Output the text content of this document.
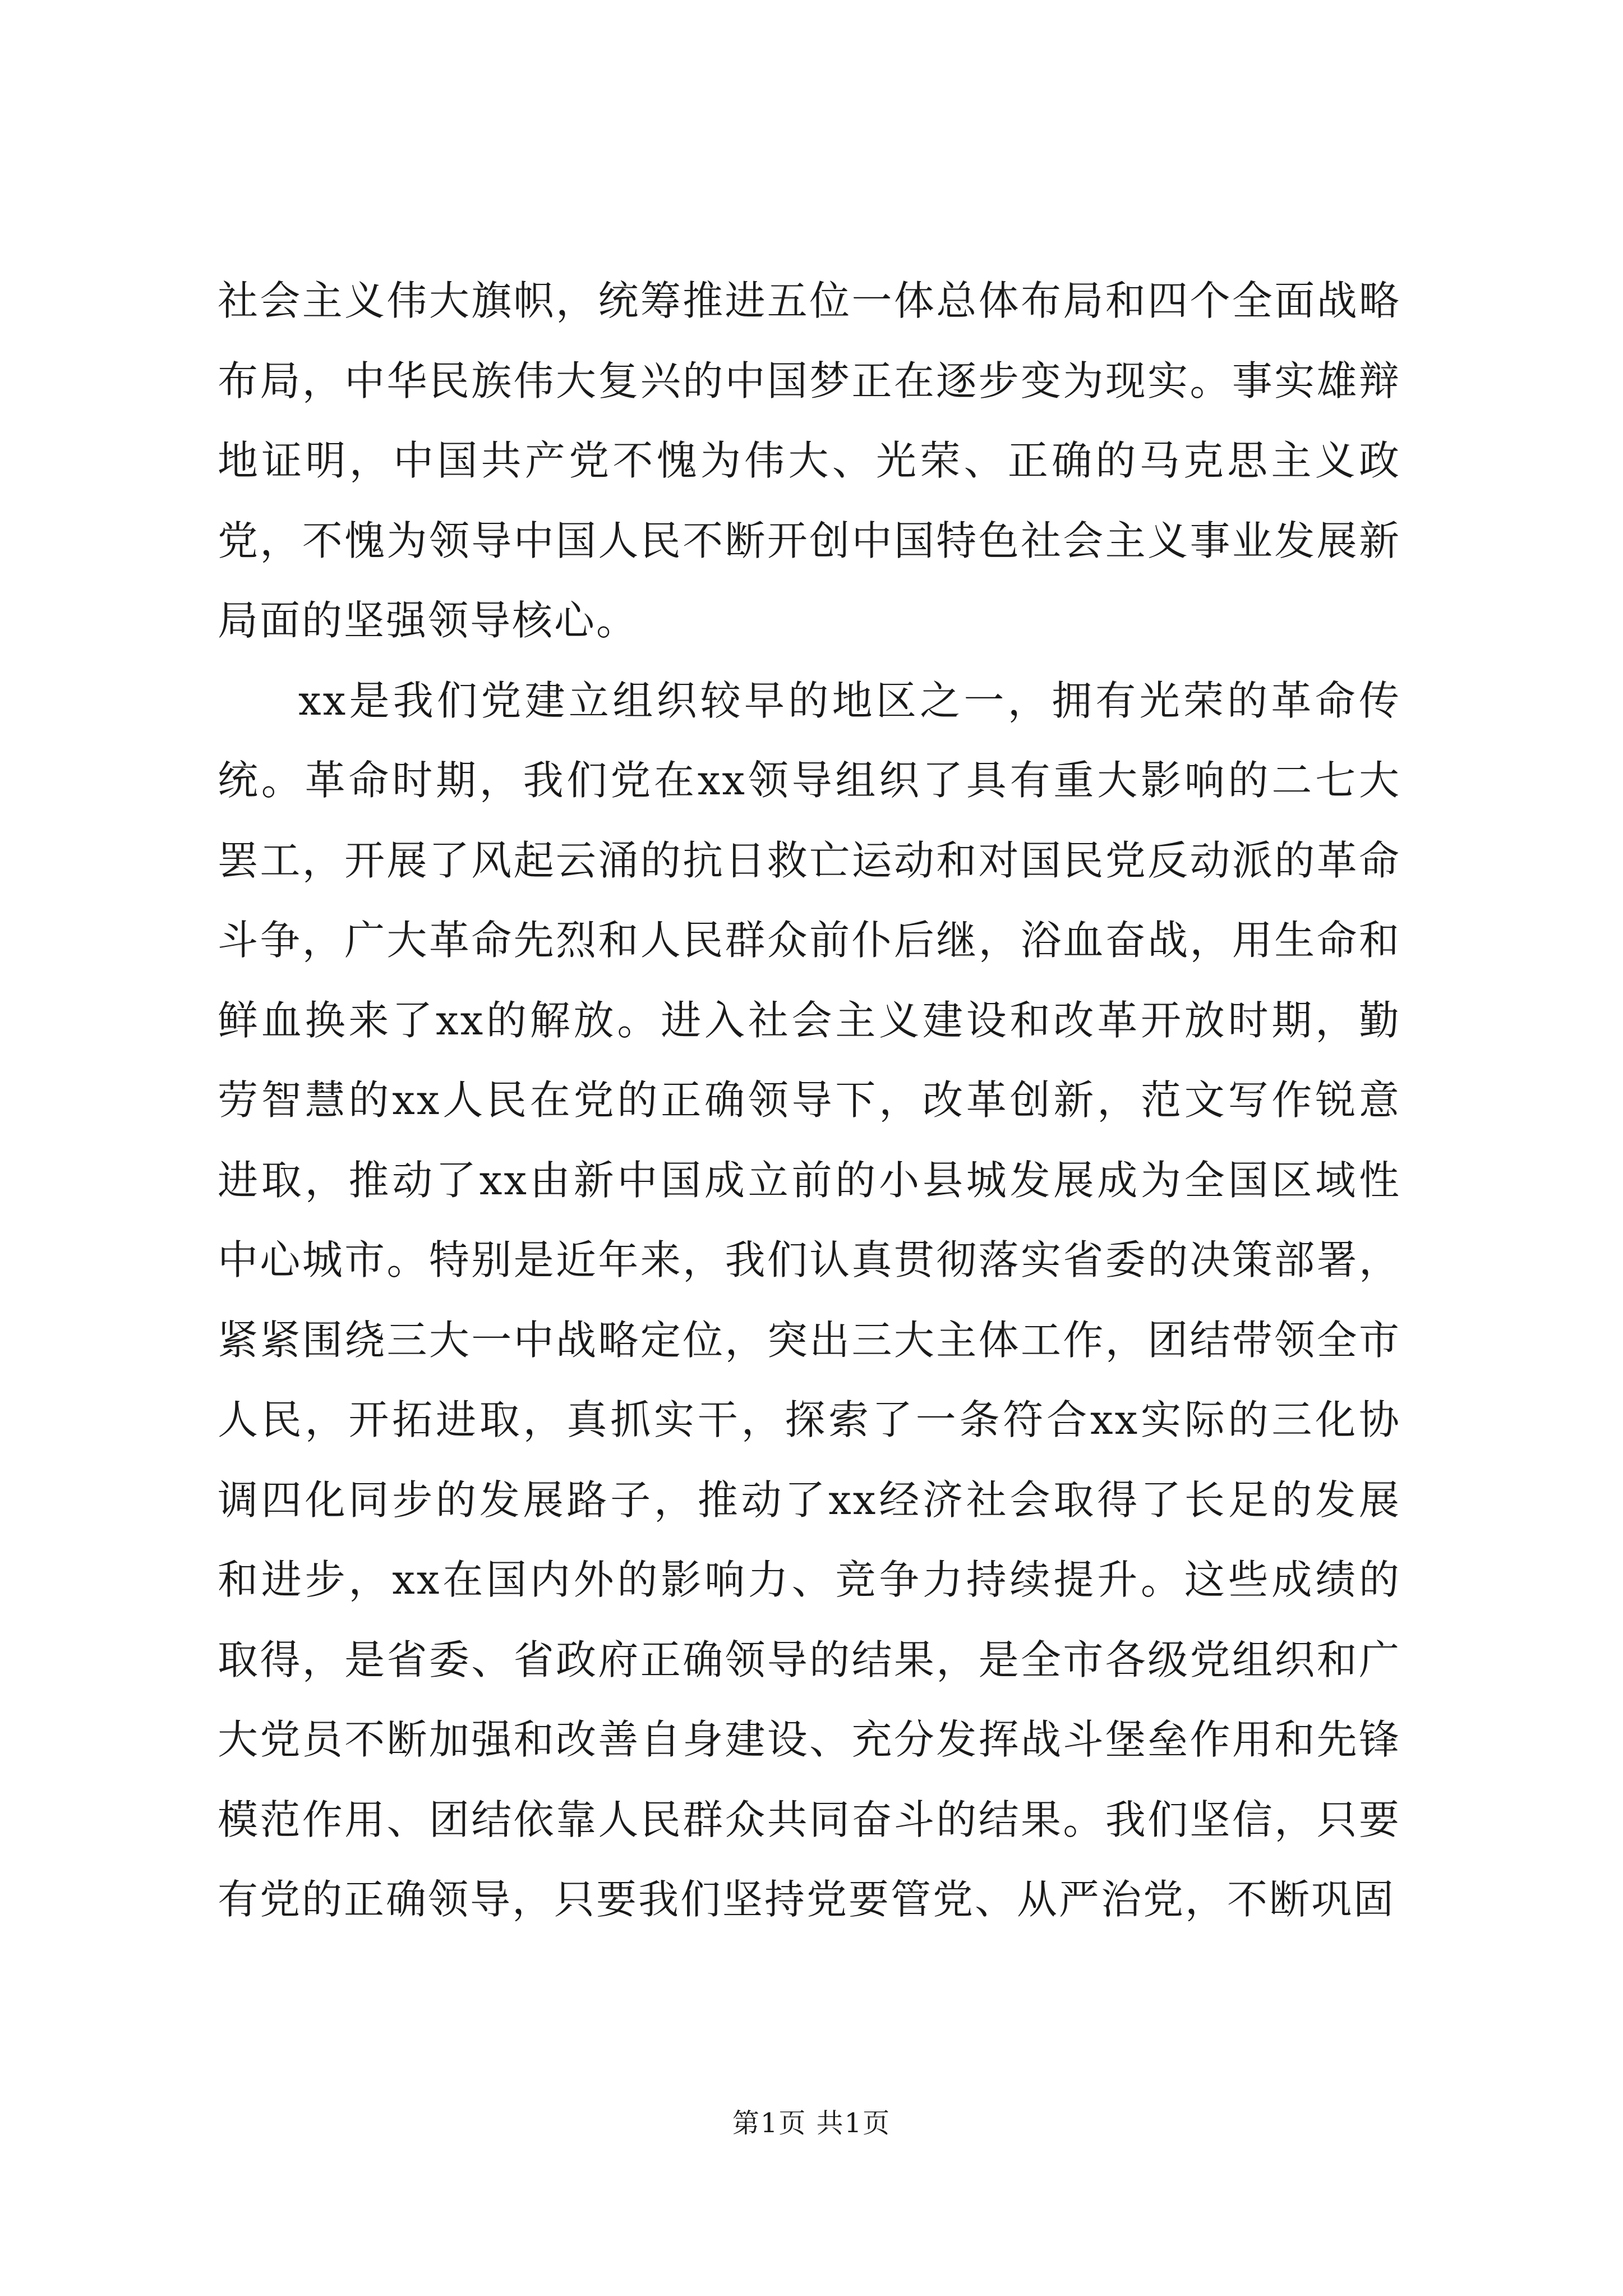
社会主义伟大旗帜，统筹推进五位一体总体布局和四个全面战略布局，中华民族伟大复兴的中国梦正在逐步变为现实。事实雄辩地证明，中国共产党不愧为伟大、光荣、正确的马克思主义政党，不愧为领导中国人民不断开创中国特色社会主义事业发展新局面的坚强领导核心。

xx是我们党建立组织较早的地区之一，拥有光荣的革命传统。革命时期，我们党在xx领导组织了具有重大影响的二七大罢工，开展了风起云涌的抗日救亡运动和对国民党反动派的革命斗争，广大革命先烈和人民群众前仆后继，浴血奋战，用生命和鲜血换来了xx的解放。进入社会主义建设和改革开放时期，勤劳智慧的xx人民在党的正确领导下，改革创新，范文写作锐意进取，推动了xx由新中国成立前的小县城发展成为全国区域性中心城市。特别是近年来，我们认真贯彻落实省委的决策部署，紧紧围绕三大一中战略定位，突出三大主体工作，团结带领全市人民，开拓进取，真抓实干，探索了一条符合xx实际的三化协调四化同步的发展路子，推动了xx经济社会取得了长足的发展和进步，xx在国内外的影响力、竞争力持续提升。这些成绩的取得，是省委、省政府正确领导的结果，是全市各级党组织和广大党员不断加强和改善自身建设、充分发挥战斗堡垒作用和先锋模范作用、团结依靠人民群众共同奋斗的结果。我们坚信，只要有党的正确领导，只要我们坚持党要管党、从严治党，不断巩固

第1页 共1页
